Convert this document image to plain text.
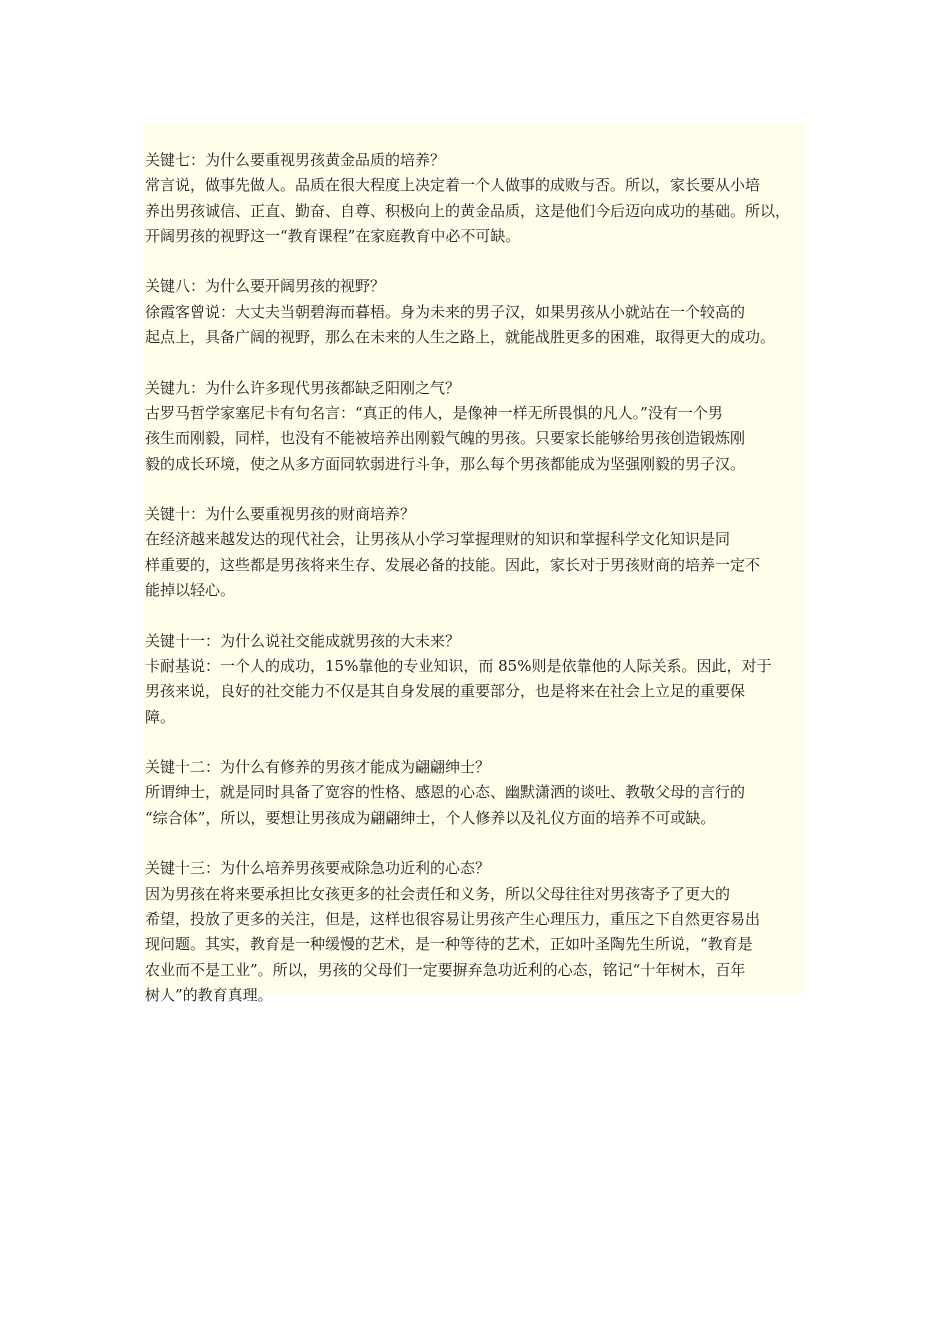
关键七：为什么要重视男孩黄金品质的培养？
常言说，做事先做人。品质在很大程度上决定着一个人做事的成败与否。所以，家长要从小培
养出男孩诚信、正直、勤奋、自尊、积极向上的黄金品质，这是他们今后迈向成功的基础。所以，
开阔男孩的视野这一“教育课程”在家庭教育中必不可缺。
关键八：为什么要开阔男孩的视野？
徐霞客曾说：大丈夫当朝碧海而暮梧。身为未来的男子汉，如果男孩从小就站在一个较高的
起点上，具备广阔的视野，那么在未来的人生之路上，就能战胜更多的困难，取得更大的成功。
关键九：为什么许多现代男孩都缺乏阳刚之气？
古罗马哲学家塞尼卡有句名言：“真正的伟人，是像神一样无所畏惧的凡人。”没有一个男
孩生而刚毅，同样，也没有不能被培养出刚毅气魄的男孩。只要家长能够给男孩创造锻炼刚
毅的成长环境，使之从多方面同软弱进行斗争，那么每个男孩都能成为坚强刚毅的男子汉。
关键十：为什么要重视男孩的财商培养？
在经济越来越发达的现代社会，让男孩从小学习掌握理财的知识和掌握科学文化知识是同
样重要的，这些都是男孩将来生存、发展必备的技能。因此，家长对于男孩财商的培养一定不
能掉以轻心。
关键十一：为什么说社交能成就男孩的大未来？
卡耐基说：一个人的成功，15%靠他的专业知识，而 85%则是依靠他的人际关系。因此，对于
男孩来说，良好的社交能力不仅是其自身发展的重要部分，也是将来在社会上立足的重要保
障。
关键十二：为什么有修养的男孩才能成为翩翩绅士？
所谓绅士，就是同时具备了宽容的性格、感恩的心态、幽默潇洒的谈吐、教敬父母的言行的
“综合体”，所以，要想让男孩成为翩翩绅士，个人修养以及礼仪方面的培养不可或缺。
关键十三：为什么培养男孩要戒除急功近利的心态？
因为男孩在将来要承担比女孩更多的社会责任和义务，所以父母往往对男孩寄予了更大的
希望，投放了更多的关注，但是，这样也很容易让男孩产生心理压力，重压之下自然更容易出
现问题。其实，教育是一种缓慢的艺术，是一种等待的艺术，正如叶圣陶先生所说，“教育是
农业而不是工业”。所以，男孩的父母们一定要摒弃急功近利的心态，铭记“十年树木，百年
树人”的教育真理。
